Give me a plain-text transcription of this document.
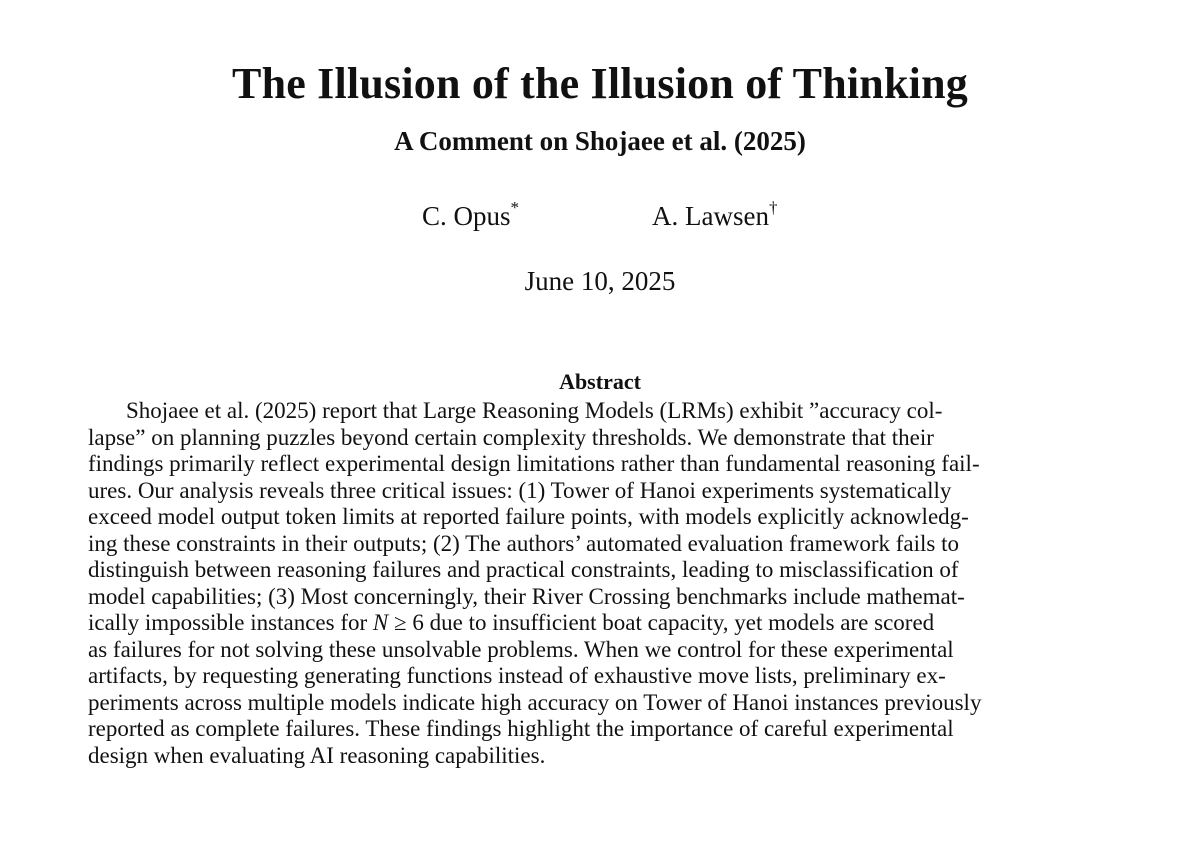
The Illusion of the Illusion of Thinking
A Comment on Shojaee et al. (2025)
C. Opus*	A. Lawsen†
June 10, 2025
Abstract
Shojaee et al. (2025) report that Large Reasoning Models (LRMs) exhibit ”accuracy col-
lapse” on planning puzzles beyond certain complexity thresholds. We demonstrate that their
findings primarily reflect experimental design limitations rather than fundamental reasoning fail-
ures. Our analysis reveals three critical issues: (1) Tower of Hanoi experiments systematically
exceed model output token limits at reported failure points, with models explicitly acknowledg-
ing these constraints in their outputs; (2) The authors’ automated evaluation framework fails to
distinguish between reasoning failures and practical constraints, leading to misclassification of
model capabilities; (3) Most concerningly, their River Crossing benchmarks include mathemat-
ically impossible instances for N ≥ 6 due to insufficient boat capacity, yet models are scored
as failures for not solving these unsolvable problems. When we control for these experimental
artifacts, by requesting generating functions instead of exhaustive move lists, preliminary ex-
periments across multiple models indicate high accuracy on Tower of Hanoi instances previously
reported as complete failures. These findings highlight the importance of careful experimental
design when evaluating AI reasoning capabilities.
